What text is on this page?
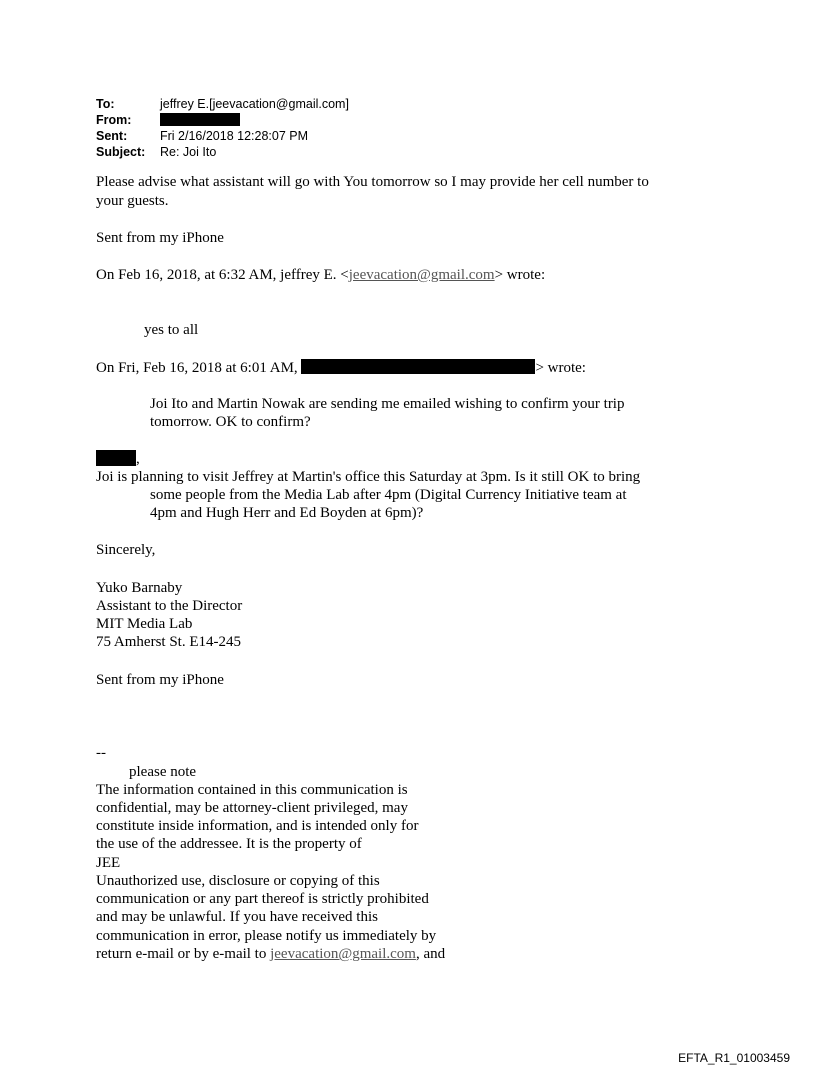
To:	jeffrey E.[jeevacation@gmail.com]
From:
Sent:	Fri 2/16/2018 12:28:07 PM
Subject:	Re: Joi Ito
Please advise what assistant will go with You tomorrow so I may provide her cell number to
your guests.
Sent from my iPhone
On Feb 16, 2018, at 6:32 AM, jeffrey E. <jeevacation@gmail.com> wrote:
yes to all
On Fri, Feb 16, 2018 at 6:01 AM,	> wrote:
Joi Ito and Martin Nowak are sending me emailed wishing to confirm your trip
tomorrow. OK to confirm?
,
Joi is planning to visit Jeffrey at Martin's office this Saturday at 3pm. Is it still OK to bring
some people from the Media Lab after 4pm (Digital Currency Initiative team at
4pm and Hugh Herr and Ed Boyden at 6pm)?
Sincerely,
Yuko Barnaby
Assistant to the Director
MIT Media Lab
75 Amherst St. E14-245
Sent from my iPhone
--
please note
The information contained in this communication is
confidential, may be attorney-client privileged, may
constitute inside information, and is intended only for
the use of the addressee. It is the property of
JEE
Unauthorized use, disclosure or copying of this
communication or any part thereof is strictly prohibited
and may be unlawful. If you have received this
communication in error, please notify us immediately by
return e-mail or by e-mail to jeevacation@gmail.com, and
EFTA_R1_01003459
